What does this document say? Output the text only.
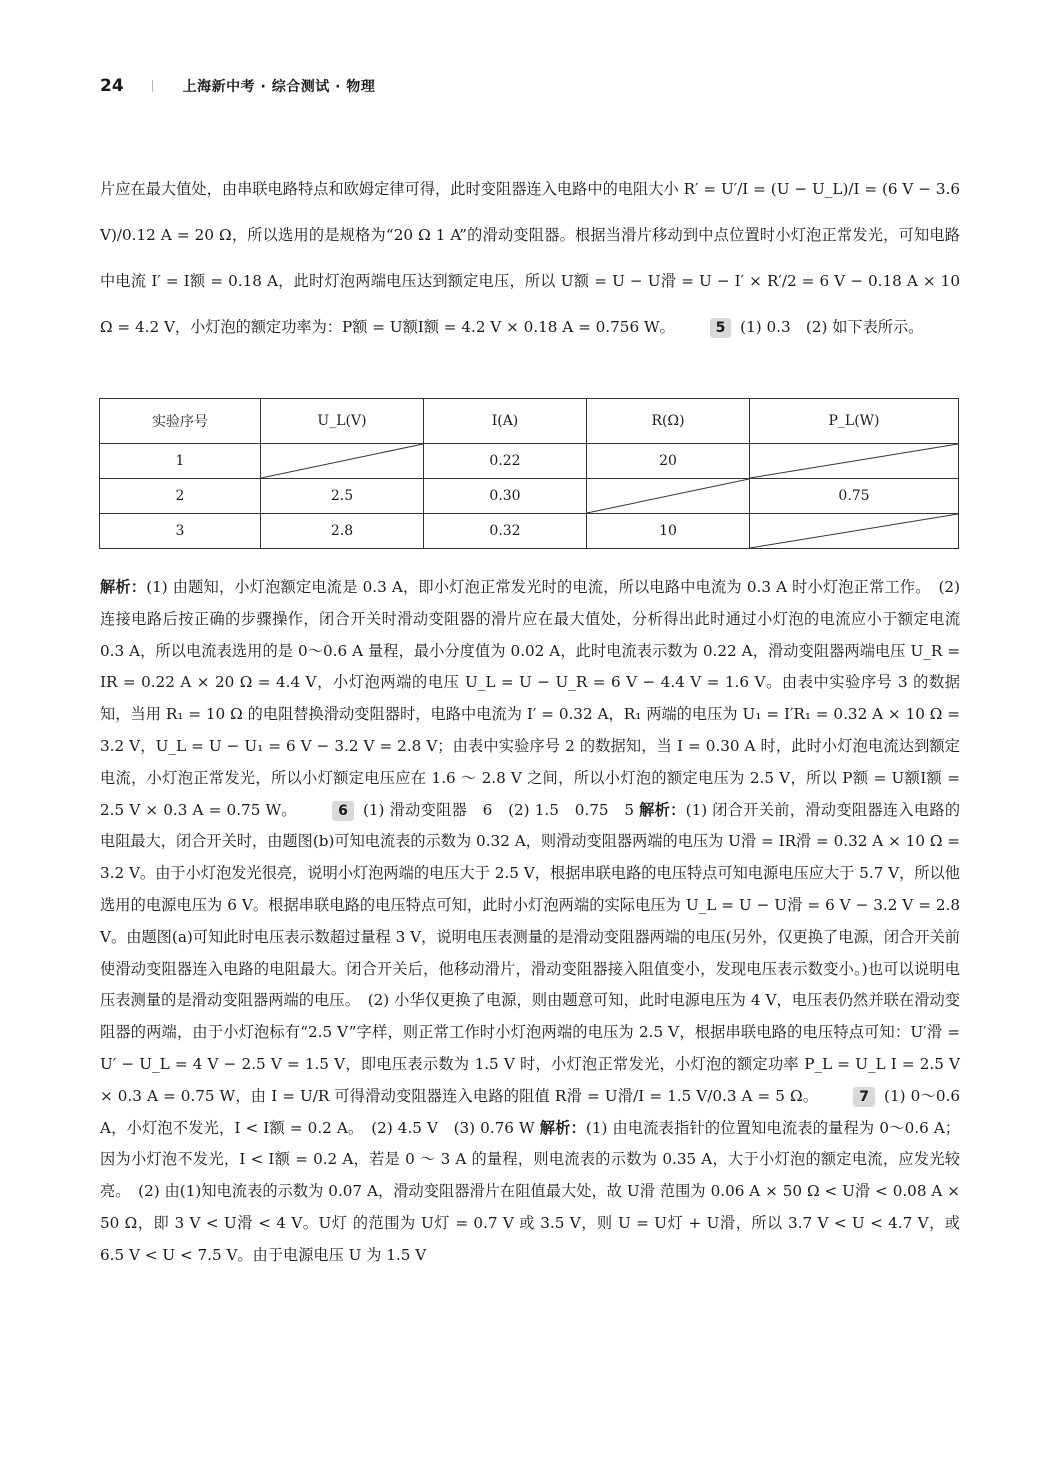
24	上海新中考 · 综合测试 · 物理
片应在最大值处，由串联电路特点和欧姆定律可得，此时变阻器连入电路中的电阻大小 R′ = U′/I = (U − U_L)/I = (6 V − 3.6 V)/0.12 A = 20 Ω，所以选用的是规格为“20 Ω 1 A”的滑动变阻器。根据当滑片移动到中点位置时小灯泡正常发光，可知电路中电流 I′ = I额 = 0.18 A，此时灯泡两端电压达到额定电压，所以 U额 = U − U滑 = U − I′ × R′/2 = 6 V − 0.18 A × 10 Ω = 4.2 V，小灯泡的额定功率为：P额 = U额I额 = 4.2 V × 0.18 A = 0.756 W。	5 (1) 0.3　(2) 如下表所示。
实验序号	U_L(V)	I(A)	R(Ω)	P_L(W)
1		0.22	20	

2	2.5	0.30		0.75
3	2.8	0.32	10	
解析：(1) 由题知，小灯泡额定电流是 0.3 A，即小灯泡正常发光时的电流，所以电路中电流为 0.3 A 时小灯泡正常工作。　(2) 连接电路后按正确的步骤操作，闭合开关时滑动变阻器的滑片应在最大值处，分析得出此时通过小灯泡的电流应小于额定电流 0.3 A，所以电流表选用的是 0～0.6 A 量程，最小分度值为 0.02 A，此时电流表示数为 0.22 A，滑动变阻器两端电压 U_R = IR = 0.22 A × 20 Ω = 4.4 V，小灯泡两端的电压 U_L = U − U_R = 6 V − 4.4 V = 1.6 V。由表中实验序号 3 的数据知，当用 R₁ = 10 Ω 的电阻替换滑动变阻器时，电路中电流为 I′ = 0.32 A，R₁ 两端的电压为 U₁ = I′R₁ = 0.32 A × 10 Ω = 3.2 V，U_L = U − U₁ = 6 V − 3.2 V = 2.8 V；由表中实验序号 2 的数据知，当 I = 0.30 A 时，此时小灯泡电流达到额定电流，小灯泡正常发光，所以小灯额定电压应在 1.6 ～ 2.8 V 之间，所以小灯泡的额定电压为 2.5 V，所以 P额 = U额I额 = 2.5 V × 0.3 A = 0.75 W。	6 (1) 滑动变阻器　6　(2) 1.5　0.75　5 解析：(1) 闭合开关前，滑动变阻器连入电路的电阻最大，闭合开关时，由题图(b)可知电流表的示数为 0.32 A，则滑动变阻器两端的电压为 U滑 = IR滑 = 0.32 A × 10 Ω = 3.2 V。由于小灯泡发光很亮，说明小灯泡两端的电压大于 2.5 V，根据串联电路的电压特点可知电源电压应大于 5.7 V，所以他选用的电源电压为 6 V。根据串联电路的电压特点可知，此时小灯泡两端的实际电压为 U_L = U − U滑 = 6 V − 3.2 V = 2.8 V。由题图(a)可知此时电压表示数超过量程 3 V，说明电压表测量的是滑动变阻器两端的电压(另外，仅更换了电源，闭合开关前使滑动变阻器连入电路的电阻最大。闭合开关后，他移动滑片，滑动变阻器接入阻值变小，发现电压表示数变小。)也可以说明电压表测量的是滑动变阻器两端的电压。　(2) 小华仅更换了电源，则由题意可知，此时电源电压为 4 V，电压表仍然并联在滑动变阻器的两端，由于小灯泡标有“2.5 V”字样，则正常工作时小灯泡两端的电压为 2.5 V，根据串联电路的电压特点可知：U′滑 = U′ − U_L = 4 V − 2.5 V = 1.5 V，即电压表示数为 1.5 V 时，小灯泡正常发光，小灯泡的额定功率 P_L = U_L I = 2.5 V × 0.3 A = 0.75 W，由 I = U/R 可得滑动变阻器连入电路的阻值 R滑 = U滑/I = 1.5 V/0.3 A = 5 Ω。	7 (1) 0～0.6 A，小灯泡不发光，I < I额 = 0.2 A。　(2) 4.5 V　(3) 0.76 W 解析：(1) 由电流表指针的位置知电流表的量程为 0～0.6 A；因为小灯泡不发光，I < I额 = 0.2 A，若是 0 ～ 3 A 的量程，则电流表的示数为 0.35 A，大于小灯泡的额定电流，应发光较亮。　(2) 由(1)知电流表的示数为 0.07 A，滑动变阻器滑片在阻值最大处，故 U滑 范围为 0.06 A × 50 Ω < U滑 < 0.08 A × 50 Ω，即 3 V < U滑 < 4 V。U灯 的范围为 U灯 = 0.7 V 或 3.5 V，则 U = U灯 + U滑，所以 3.7 V < U < 4.7 V，或 6.5 V < U < 7.5 V。由于电源电压 U 为 1.5 V
